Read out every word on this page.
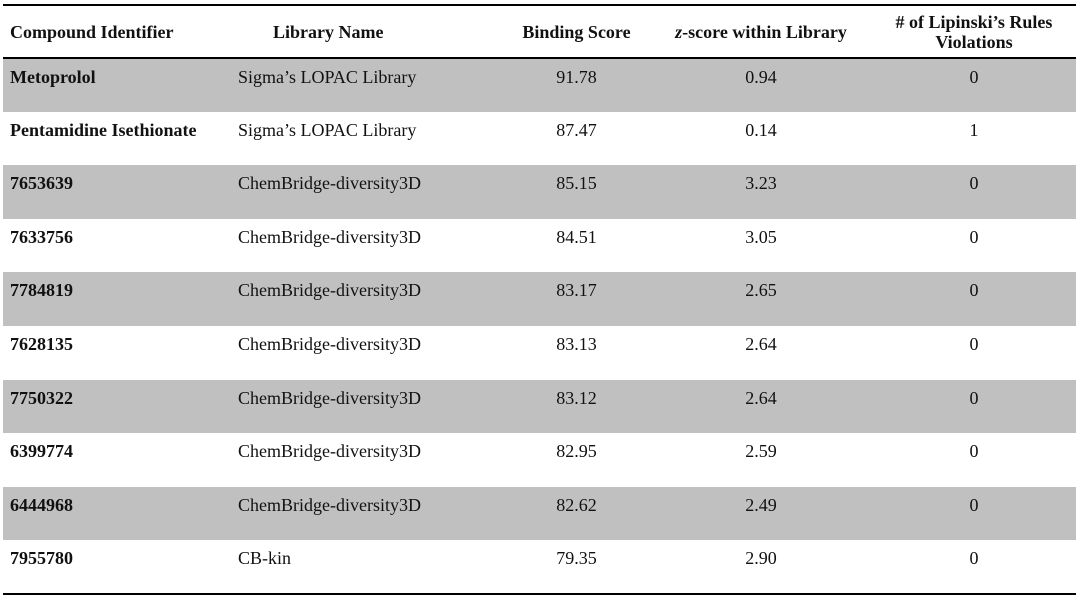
Compound Identifier	Library Name	Binding Score	z-score within Library	# of Lipinski’s Rules
Violations
Metoprolol	Sigma’s LOPAC Library	91.78	0.94	0
Pentamidine Isethionate	Sigma’s LOPAC Library	87.47	0.14	1
7653639	ChemBridge-diversity3D	85.15	3.23	0
7633756	ChemBridge-diversity3D	84.51	3.05	0
7784819	ChemBridge-diversity3D	83.17	2.65	0
7628135	ChemBridge-diversity3D	83.13	2.64	0
7750322	ChemBridge-diversity3D	83.12	2.64	0
6399774	ChemBridge-diversity3D	82.95	2.59	0
6444968	ChemBridge-diversity3D	82.62	2.49	0
7955780	CB-kin	79.35	2.90	0
